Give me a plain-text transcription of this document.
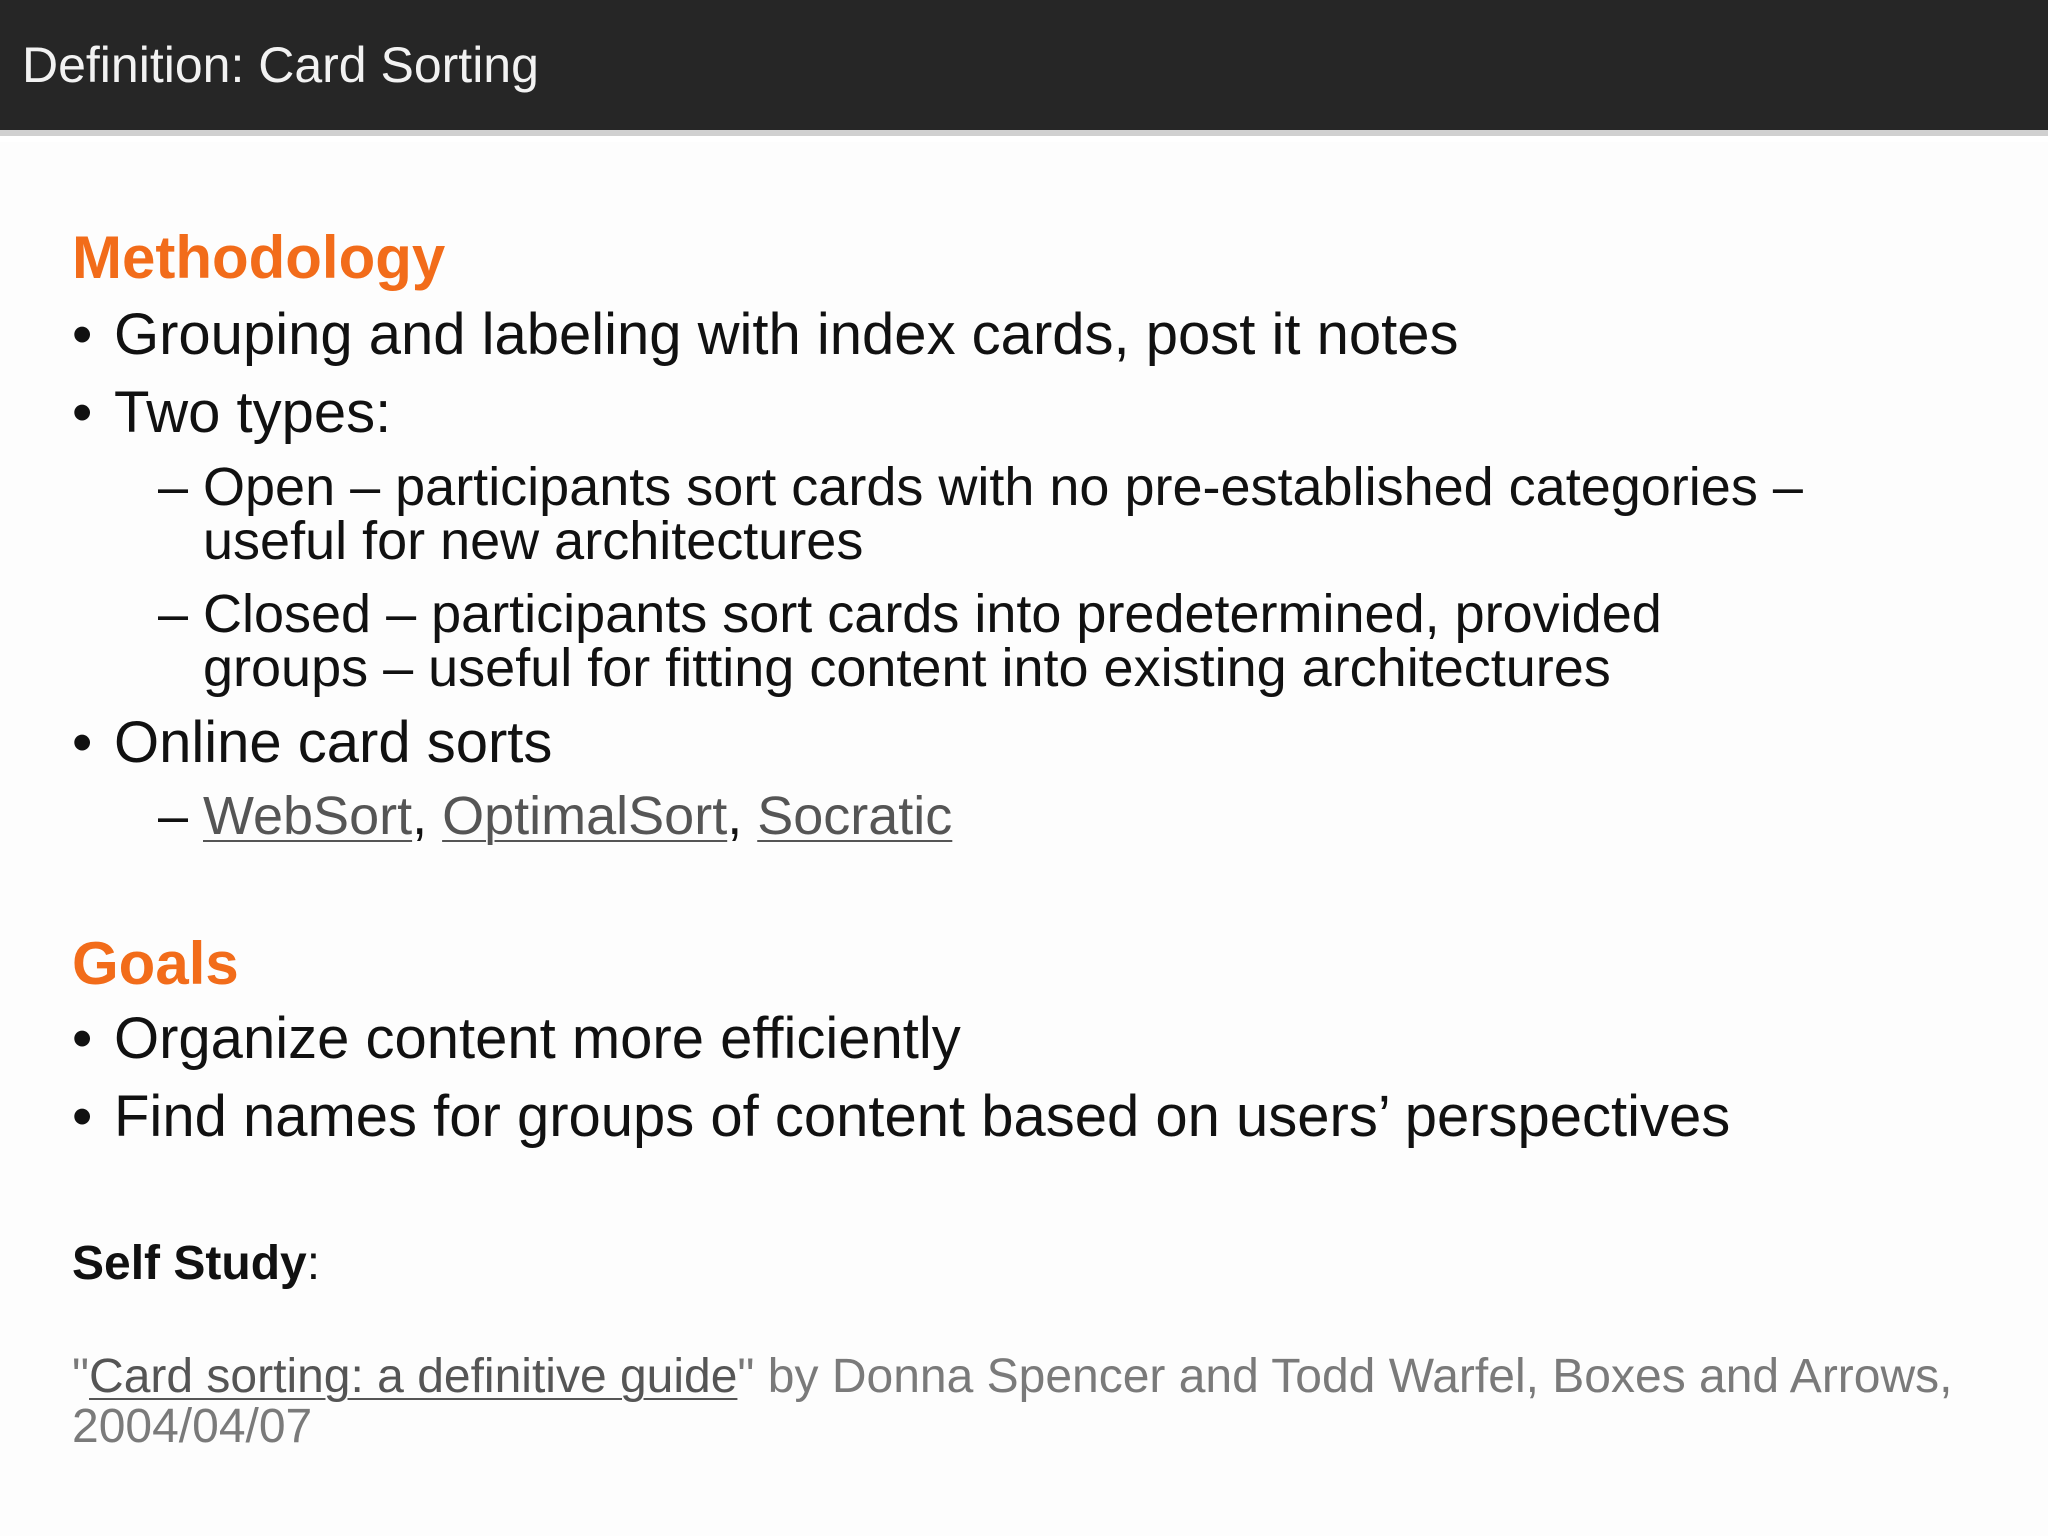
Definition: Card Sorting
Methodology
• Grouping and labeling with index cards, post it notes
• Two types:
– Open – participants sort cards with no pre-established categories –
useful for new architectures
– Closed – participants sort cards into predetermined, provided
groups – useful for fitting content into existing architectures
• Online card sorts
– WebSort, OptimalSort, Socratic
Goals
• Organize content more efficiently
• Find names for groups of content based on users’ perspectives
Self Study:
"Card sorting: a definitive guide" by Donna Spencer and Todd Warfel, Boxes and Arrows, 2004/04/07
